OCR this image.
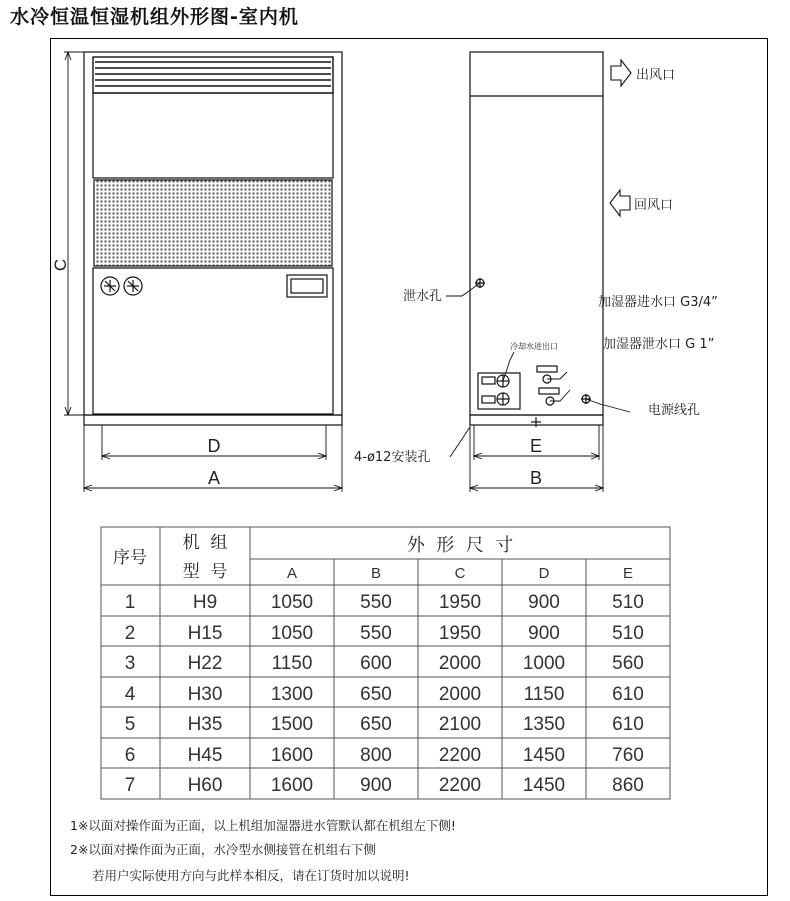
水冷恒温恒湿机组外形图-室内机
C
D
A
出风口
回风口
泄水孔	加湿器进水口 G3/4”
加湿器泄水口 G 1”
冷却水进出口
电源线孔
4-ø12安装孔
E
B
序号
机  组
型  号
外  形  尺  寸
A	B	C	D	E
1	H9	1050 550 1950 900	510
2	H15	1050 550 1950 900	510
3	H22	1150	600 2000 1000 560
4	H30	1300 650 2000 1150	610
5	H35	1500 650 2100 1350 610
6	H45	1600 800 2200 1450 760
7	H60	1600 900 2200 1450 860
1※以面对操作面为正面，以上机组加湿器进水管默认都在机组左下侧!
2※以面对操作面为正面，水冷型水侧接管在机组右下侧
若用户实际使用方向与此样本相反，请在订货时加以说明!
